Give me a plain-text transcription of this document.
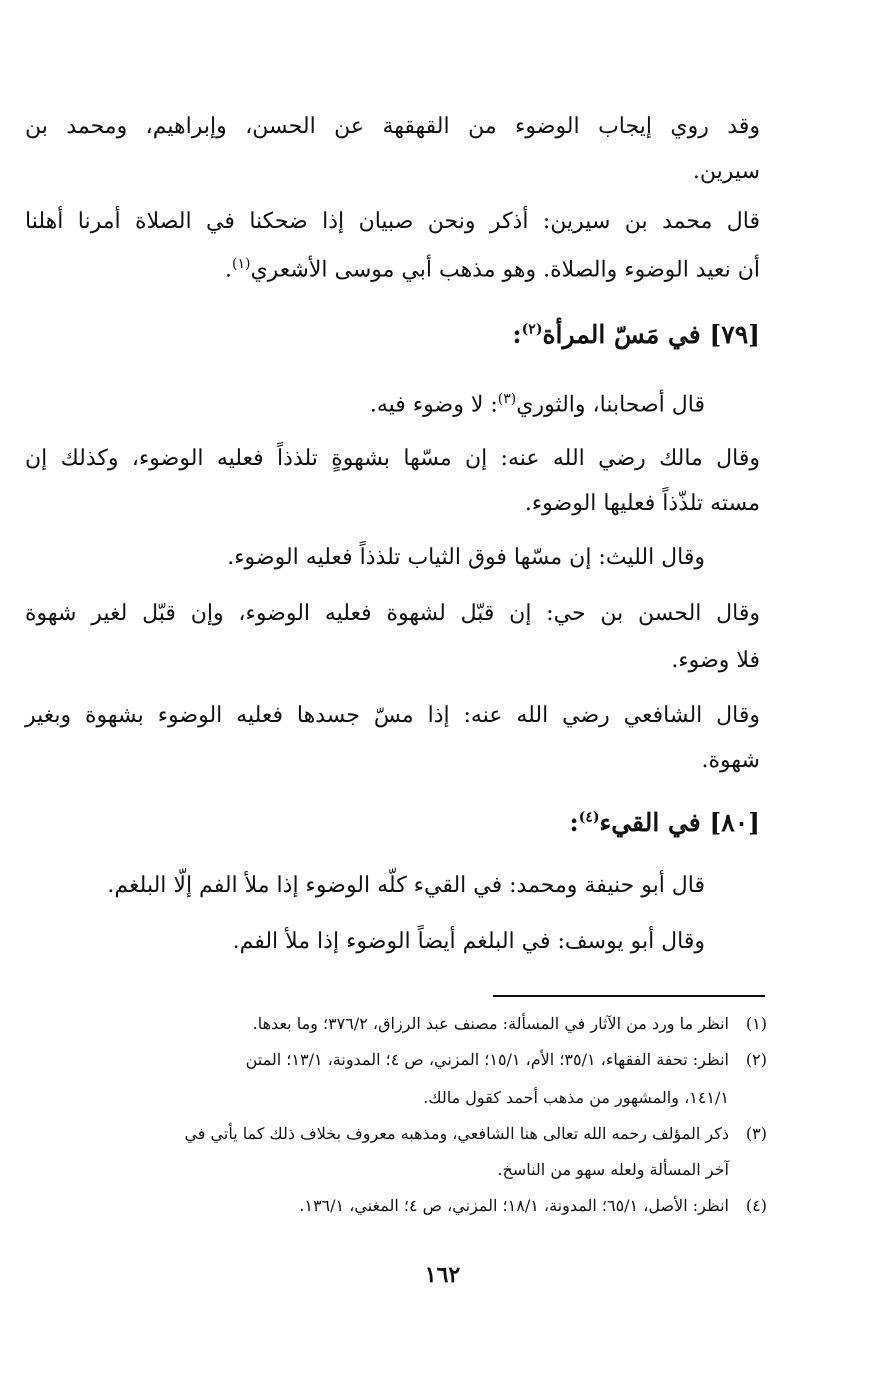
وقد روي إيجاب الوضوء من القهقهة عن الحسن، وإبراهيم، ومحمد بن
سيرين.
قال محمد بن سيرين: أذكر ونحن صبيان إذا ضحكنا في الصلاة أمرنا أهلنا
أن نعيد الوضوء والصلاة. وهو مذهب أبي موسى الأشعري$^{(١)}$.
[٧٩] في مَسّ المرأة$^{(٢)}$:
قال أصحابنا، والثوري$^{(٣)}$: لا وضوء فيه.
وقال مالك رضي الله عنه: إن مسّها بشهوةٍ تلذذاً فعليه الوضوء، وكذلك إن
مسته تلذّذاً فعليها الوضوء.
وقال الليث: إن مسّها فوق الثياب تلذذاً فعليه الوضوء.
وقال الحسن بن حي: إن قبّل لشهوة فعليه الوضوء، وإن قبّل لغير شهوة
فلا وضوء.
وقال الشافعي رضي الله عنه: إذا مسّ جسدها فعليه الوضوء بشهوة وبغير
شهوة.
[٨٠] في القيء$^{(٤)}$:
قال أبو حنيفة ومحمد: في القيء كلّه الوضوء إذا ملأ الفم إلّا البلغم.
وقال أبو يوسف: في البلغم أيضاً الوضوء إذا ملأ الفم.
(١)انظر ما ورد من الآثار في المسألة: مصنف عبد الرزاق، ٣٧٦/٢؛ وما بعدها.
(٢)انظر: تحفة الفقهاء، ٣٥/١؛ الأم، ١٥/١؛ المزني، ص ٤؛ المدونة، ١٣/١؛ المتن
١٤١/١، والمشهور من مذهب أحمد كقول مالك.
(٣)ذكر المؤلف رحمه الله تعالى هنا الشافعي، ومذهبه معروف بخلاف ذلك كما يأتي في
آخر المسألة ولعله سهو من الناسخ.
(٤)انظر: الأصل، ٦٥/١؛ المدونة، ١٨/١؛ المزني، ص ٤؛ المغني، ١٣٦/١.
١٦٢
